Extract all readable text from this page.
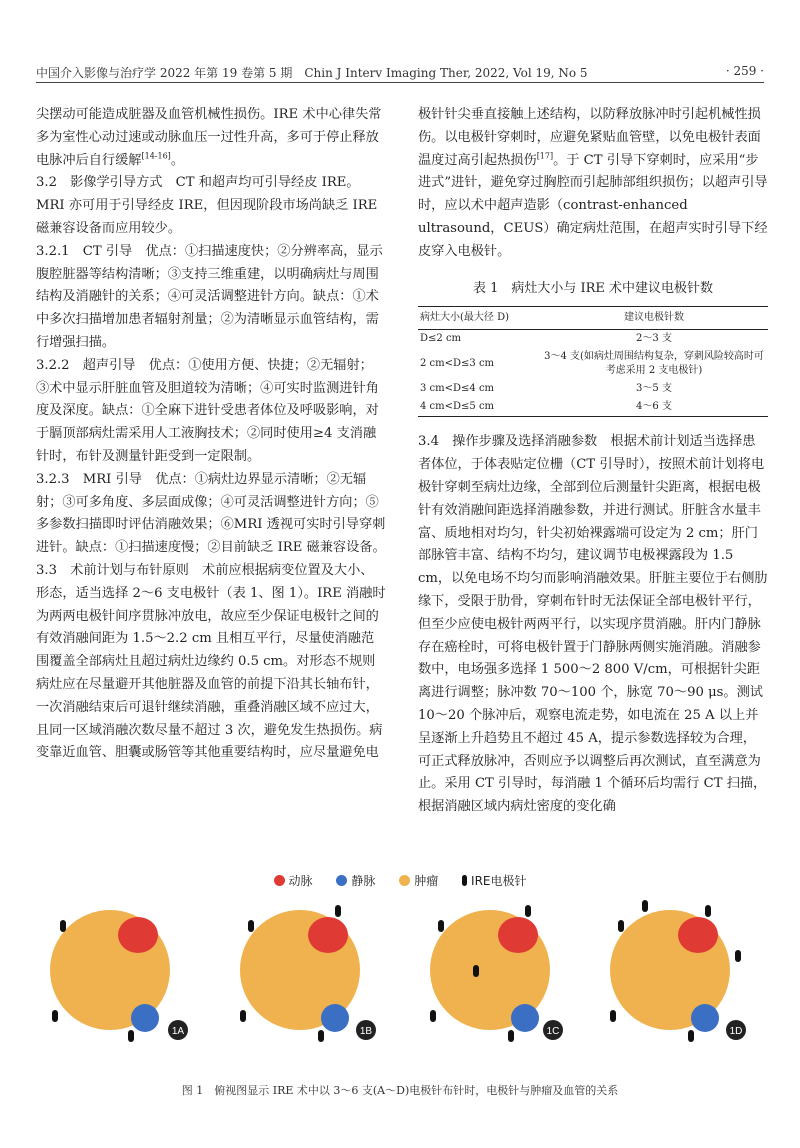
中国介入影像与治疗学 2022 年第 19 卷第 5 期　Chin J Interv Imaging Ther, 2022, Vol 19, No 5	· 259 ·

尖摆动可能造成脏器及血管机械性损伤。IRE 术中心律失常多为室性心动过速或动脉血压一过性升高，多可于停止释放电脉冲后自行缓解[14-16]。

3.2　影像学引导方式　CT 和超声均可引导经皮 IRE。MRI 亦可用于引导经皮 IRE，但因现阶段市场尚缺乏 IRE 磁兼容设备而应用较少。

3.2.1　CT 引导　优点：①扫描速度快；②分辨率高，显示腹腔脏器等结构清晰；③支持三维重建，以明确病灶与周围结构及消融针的关系；④可灵活调整进针方向。缺点：①术中多次扫描增加患者辐射剂量；②为清晰显示血管结构，需行增强扫描。

3.2.2　超声引导　优点：①使用方便、快捷；②无辐射；③术中显示肝脏血管及胆道较为清晰；④可实时监测进针角度及深度。缺点：①全麻下进针受患者体位及呼吸影响，对于膈顶部病灶需采用人工液胸技术；②同时使用≥4 支消融针时，布针及测量针距受到一定限制。

3.2.3　MRI 引导　优点：①病灶边界显示清晰；②无辐射；③可多角度、多层面成像；④可灵活调整进针方向；⑤多参数扫描即时评估消融效果；⑥MRI 透视可实时引导穿刺进针。缺点：①扫描速度慢；②目前缺乏 IRE 磁兼容设备。

3.3　术前计划与布针原则　术前应根据病变位置及大小、形态，适当选择 2～6 支电极针（表 1、图 1）。IRE 消融时为两两电极针间序贯脉冲放电，故应至少保证电极针之间的有效消融间距为 1.5～2.2 cm 且相互平行，尽量使消融范围覆盖全部病灶且超过病灶边缘约 0.5 cm。对形态不规则病灶应在尽量避开其他脏器及血管的前提下沿其长轴布针，一次消融结束后可退针继续消融，重叠消融区域不应过大，且同一区域消融次数尽量不超过 3 次，避免发生热损伤。病变靠近血管、胆囊或肠管等其他重要结构时，应尽量避免电

极针针尖垂直接触上述结构，以防释放脉冲时引起机械性损伤。以电极针穿刺时，应避免紧贴血管壁，以免电极针表面温度过高引起热损伤[17]。于 CT 引导下穿刺时，应采用“步进式”进针，避免穿过胸腔而引起肺部组织损伤；以超声引导时，应以术中超声造影（contrast-enhanced ultrasound，CEUS）确定病灶范围，在超声实时引导下经皮穿入电极针。

表 1　病灶大小与 IRE 术中建议电极针数
病灶大小(最大径 D)	建议电极针数
D≤2 cm	2～3 支
2 cm<D≤3 cm	3～4 支(如病灶周围结构复杂，穿刺风险较高时可考虑采用 2 支电极针)
3 cm<D≤4 cm	3～5 支
4 cm<D≤5 cm	4～6 支

3.4　操作步骤及选择消融参数　根据术前计划适当选择患者体位，于体表贴定位栅（CT 引导时），按照术前计划将电极针穿刺至病灶边缘，全部到位后测量针尖距离，根据电极针有效消融间距选择消融参数，并进行测试。肝脏含水量丰富、质地相对均匀，针尖初始裸露端可设定为 2 cm；肝门部脉管丰富、结构不均匀，建议调节电极裸露段为 1.5 cm，以免电场不均匀而影响消融效果。肝脏主要位于右侧肋缘下，受限于肋骨，穿刺布针时无法保证全部电极针平行，但至少应使电极针两两平行，以实现序贯消融。肝内门静脉存在癌栓时，可将电极针置于门静脉两侧实施消融。消融参数中，电场强多选择 1 500～2 800 V/cm，可根据针尖距离进行调整；脉冲数 70～100 个，脉宽 70～90 μs。测试 10～20 个脉冲后，观察电流走势，如电流在 25 A 以上并呈逐渐上升趋势且不超过 45 A，提示参数选择较为合理，可正式释放脉冲，否则应予以调整后再次测试，直至满意为止。采用 CT 引导时，每消融 1 个循环后均需行 CT 扫描，根据消融区域内病灶密度的变化确

动脉	静脉	肿瘤	IRE电极针
1A	1B	1C	1D
图 1　俯视图显示 IRE 术中以 3～6 支(A～D)电极针布针时，电极针与肿瘤及血管的关系
